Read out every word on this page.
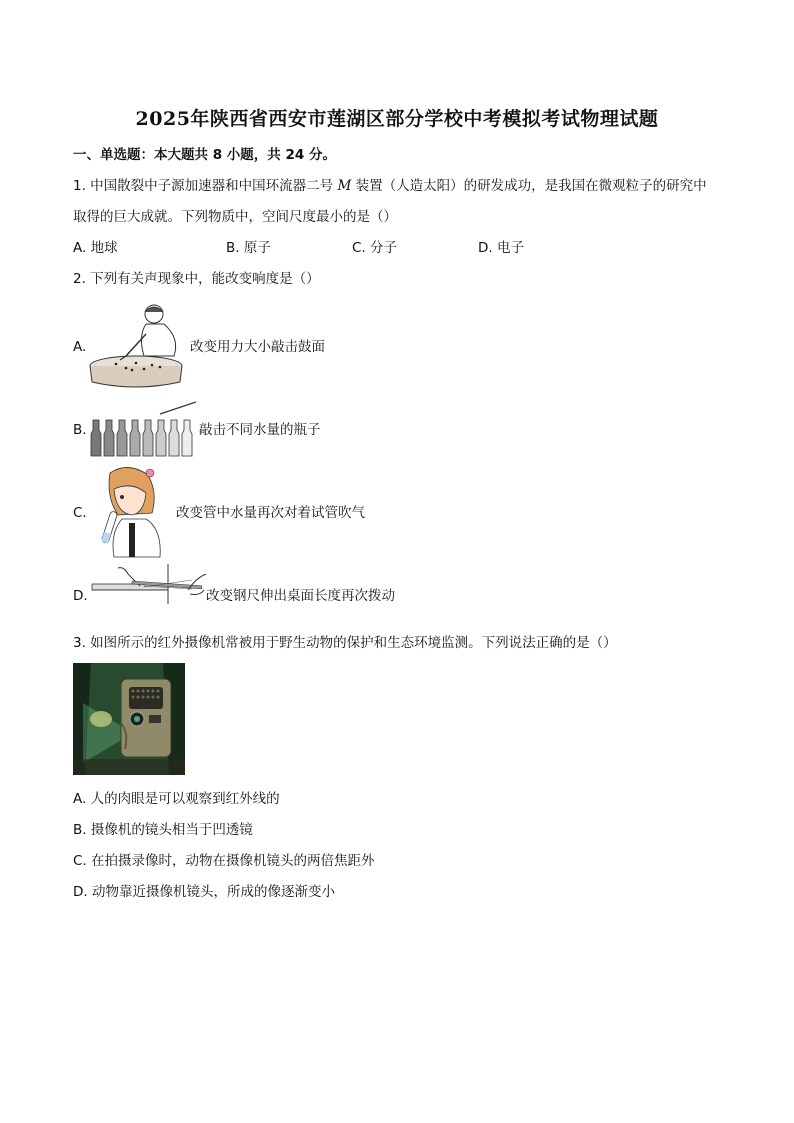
2025年陕西省西安市莲湖区部分学校中考模拟考试物理试题
一、单选题：本大题共 8 小题，共 24 分。
1. 中国散裂中子源加速器和中国环流器二号 M 装置（人造太阳）的研发成功，是我国在微观粒子的研究中
取得的巨大成就。下列物质中，空间尺度最小的是（）
A. 地球	B. 原子	C. 分子	D. 电子
2. 下列有关声现象中，能改变响度是（）
A.	改变用力大小敲击鼓面
B.	敲击不同水量的瓶子
C.	改变管中水量再次对着试管吹气
D.	改变钢尺伸出桌面长度再次拨动
3. 如图所示的红外摄像机常被用于野生动物的保护和生态环境监测。下列说法正确的是（）
A. 人的肉眼是可以观察到红外线的
B. 摄像机的镜头相当于凹透镜
C. 在拍摄录像时，动物在摄像机镜头的两倍焦距外
D. 动物靠近摄像机镜头，所成的像逐渐变小
